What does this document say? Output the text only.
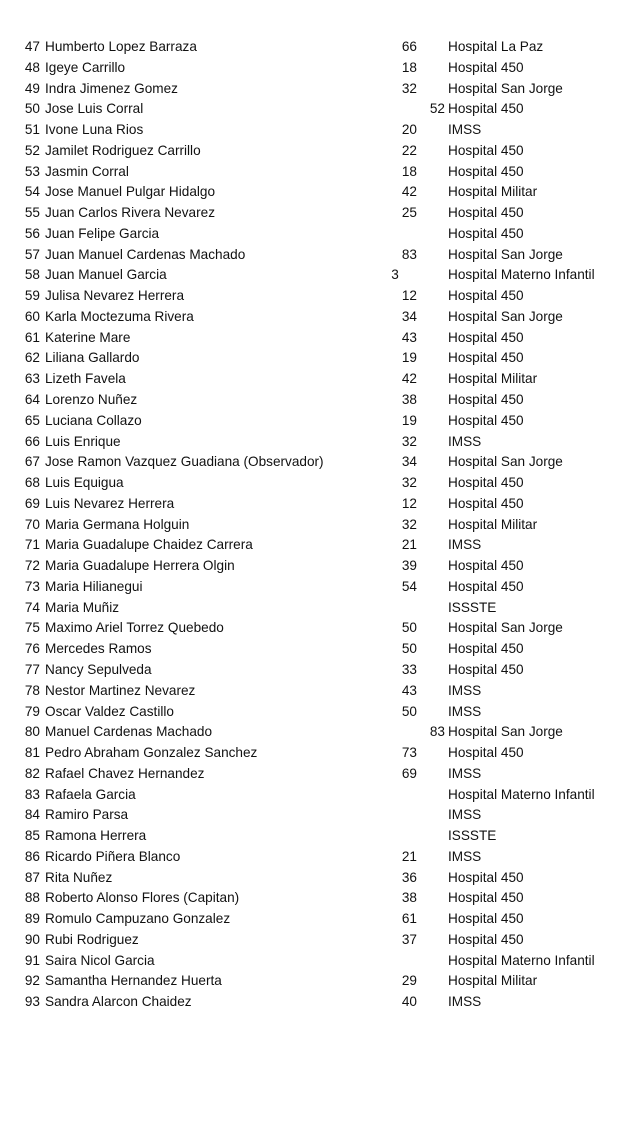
47 Humberto Lopez Barraza	66 Hospital La Paz
48 Igeye Carrillo	18 Hospital 450
49 Indra Jimenez Gomez	32 Hospital San Jorge
50 Jose Luis Corral	52 Hospital 450
51 Ivone Luna Rios	20 IMSS
52 Jamilet Rodriguez Carrillo	22 Hospital 450
53 Jasmin Corral	18 Hospital 450
54 Jose Manuel Pulgar Hidalgo	42 Hospital Militar
55 Juan Carlos Rivera Nevarez	25 Hospital 450
56 Juan Felipe Garcia	Hospital 450
57 Juan Manuel Cardenas Machado	83 Hospital San Jorge
58 Juan Manuel Garcia	3	Hospital Materno Infantil
59 Julisa Nevarez Herrera	12 Hospital 450
60 Karla Moctezuma Rivera	34 Hospital San Jorge
61 Katerine Mare	43 Hospital 450
62 Liliana Gallardo	19 Hospital 450
63 Lizeth Favela	42 Hospital Militar
64 Lorenzo Nuñez	38 Hospital 450
65 Luciana Collazo	19 Hospital 450
66 Luis Enrique	32 IMSS
67 Jose Ramon Vazquez Guadiana (Observador)	34 Hospital San Jorge
68 Luis Equigua	32 Hospital 450
69 Luis Nevarez Herrera	12 Hospital 450
70 Maria Germana Holguin	32 Hospital Militar
71 Maria Guadalupe Chaidez Carrera	21 IMSS
72 Maria Guadalupe Herrera Olgin	39 Hospital 450
73 Maria Hilianegui	54 Hospital 450
74 Maria Muñiz	ISSSTE
75 Maximo Ariel Torrez Quebedo	50 Hospital San Jorge
76 Mercedes Ramos	50 Hospital 450
77 Nancy Sepulveda	33 Hospital 450
78 Nestor Martinez Nevarez	43 IMSS
79 Oscar Valdez Castillo	50 IMSS
80 Manuel Cardenas Machado	83 Hospital San Jorge
81 Pedro Abraham Gonzalez Sanchez	73 Hospital 450
82 Rafael Chavez Hernandez	69 IMSS
83 Rafaela Garcia	Hospital Materno Infantil
84 Ramiro Parsa	IMSS
85 Ramona Herrera	ISSSTE
86 Ricardo Piñera Blanco	21 IMSS
87 Rita Nuñez	36 Hospital 450
88 Roberto Alonso Flores (Capitan)	38 Hospital 450
89 Romulo Campuzano Gonzalez	61 Hospital 450
90 Rubi Rodriguez	37 Hospital 450
91 Saira Nicol Garcia	Hospital Materno Infantil
92 Samantha Hernandez Huerta	29 Hospital Militar
93 Sandra Alarcon Chaidez	40 IMSS
